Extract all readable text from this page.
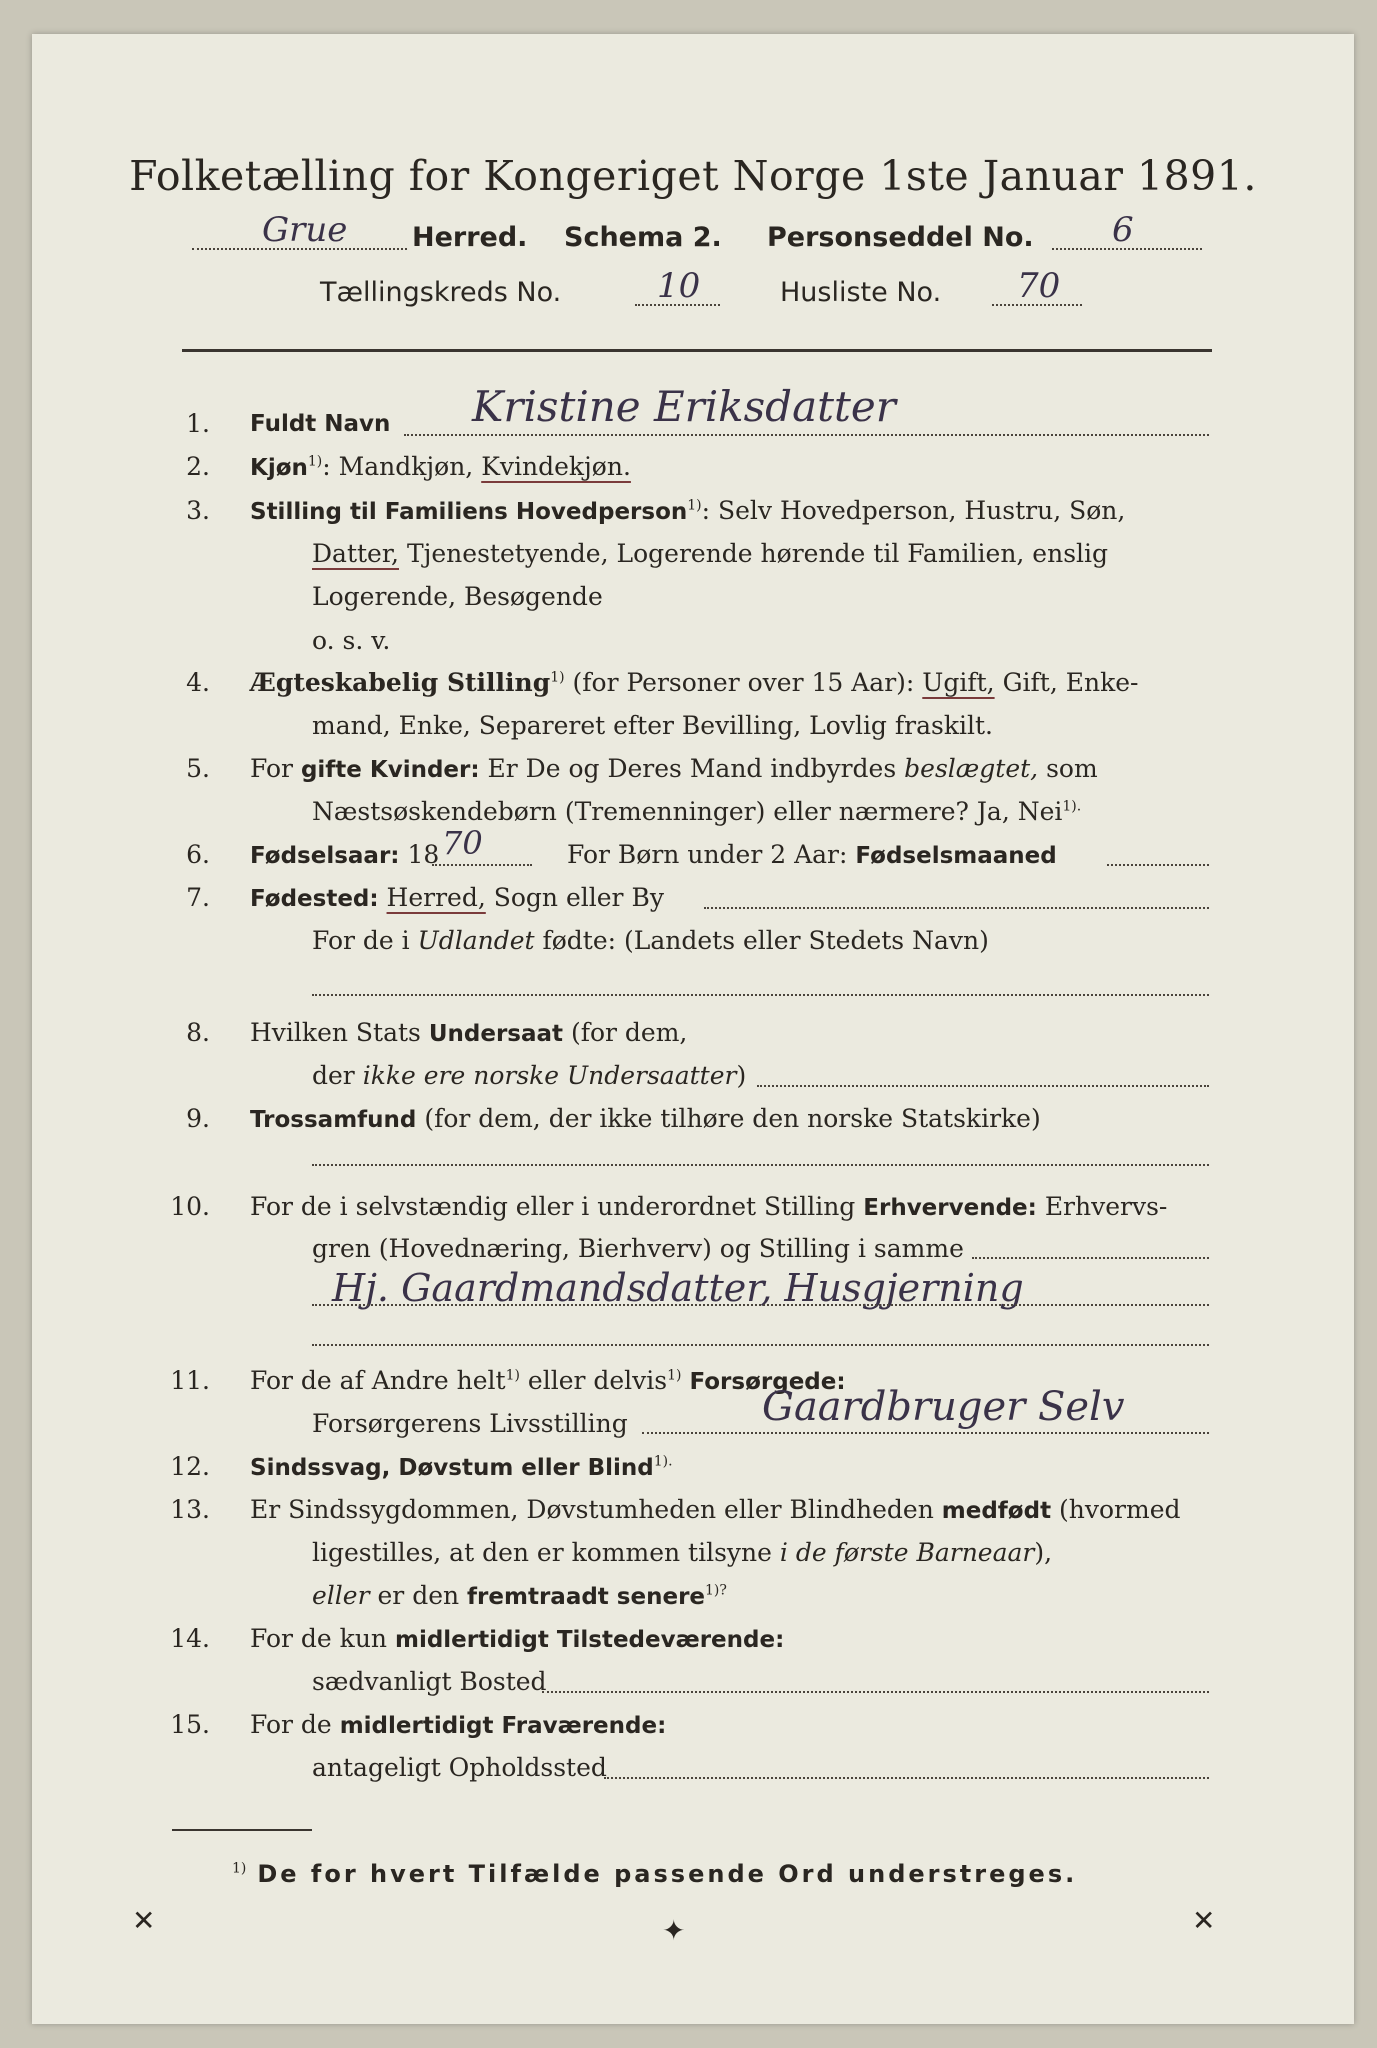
Folketælling for Kongeriget Norge 1ste Januar 1891.
Grue Herred. Schema 2. Personseddel No. 6
Tællingskreds No.	10	Husliste No. 70
1. Fuldt Navn Kristine Eriksdatter
2. Kjøn$^{1)}$: Mandkjøn, Kvindekjøn.
3. Stilling til Familiens Hovedperson$^{1)}$: Selv Hovedperson, Hustru, Søn,
Datter, Tjenestetyende, Logerende hørende til Familien, enslig
Logerende, Besøgende
o. s. v.
4. Ægteskabelig Stilling$^{1)}$ (for Personer over 15 Aar): Ugift, Gift, Enke-
mand, Enke, Separeret efter Bevilling, Lovlig fraskilt.
5. For gifte Kvinder: Er De og Deres Mand indbyrdes beslægtet, som
Næstsøskendebørn (Tremenninger) eller nærmere? Ja, Nei$^{1).}$
6. Fødselsaar: 18 70	For Børn under 2 Aar: Fødselsmaaned
7. Fødested: Herred, Sogn eller By
For de i Udlandet fødte: (Landets eller Stedets Navn)
8. Hvilken Stats Undersaat (for dem,
der ikke ere norske Undersaatter)
9. Trossamfund (for dem, der ikke tilhøre den norske Statskirke)
10. For de i selvstændig eller i underordnet Stilling Erhvervende: Erhvervs-
gren (Hovednæring, Bierhverv) og Stilling i samme
Hj. Gaardmandsdatter, Husgjerning
11. For de af Andre helt$^{1)}$ eller delvis$^{1)}$ Forsørgede:
Forsørgerens Livsstilling	Gaardbruger Selv
12. Sindssvag, Døvstum eller Blind$^{1).}$
13. Er Sindssygdommen, Døvstumheden eller Blindheden medfødt (hvormed
ligestilles, at den er kommen tilsyne i de første Barneaar),
eller er den fremtraadt senere$^{1)?}$
14. For de kun midlertidigt Tilstedeværende:
sædvanligt Bosted
15. For de midlertidigt Fraværende:
antageligt Opholdssted
$^{1)}$ De for hvert Tilfælde passende Ord understreges.
✕	✦	✕
